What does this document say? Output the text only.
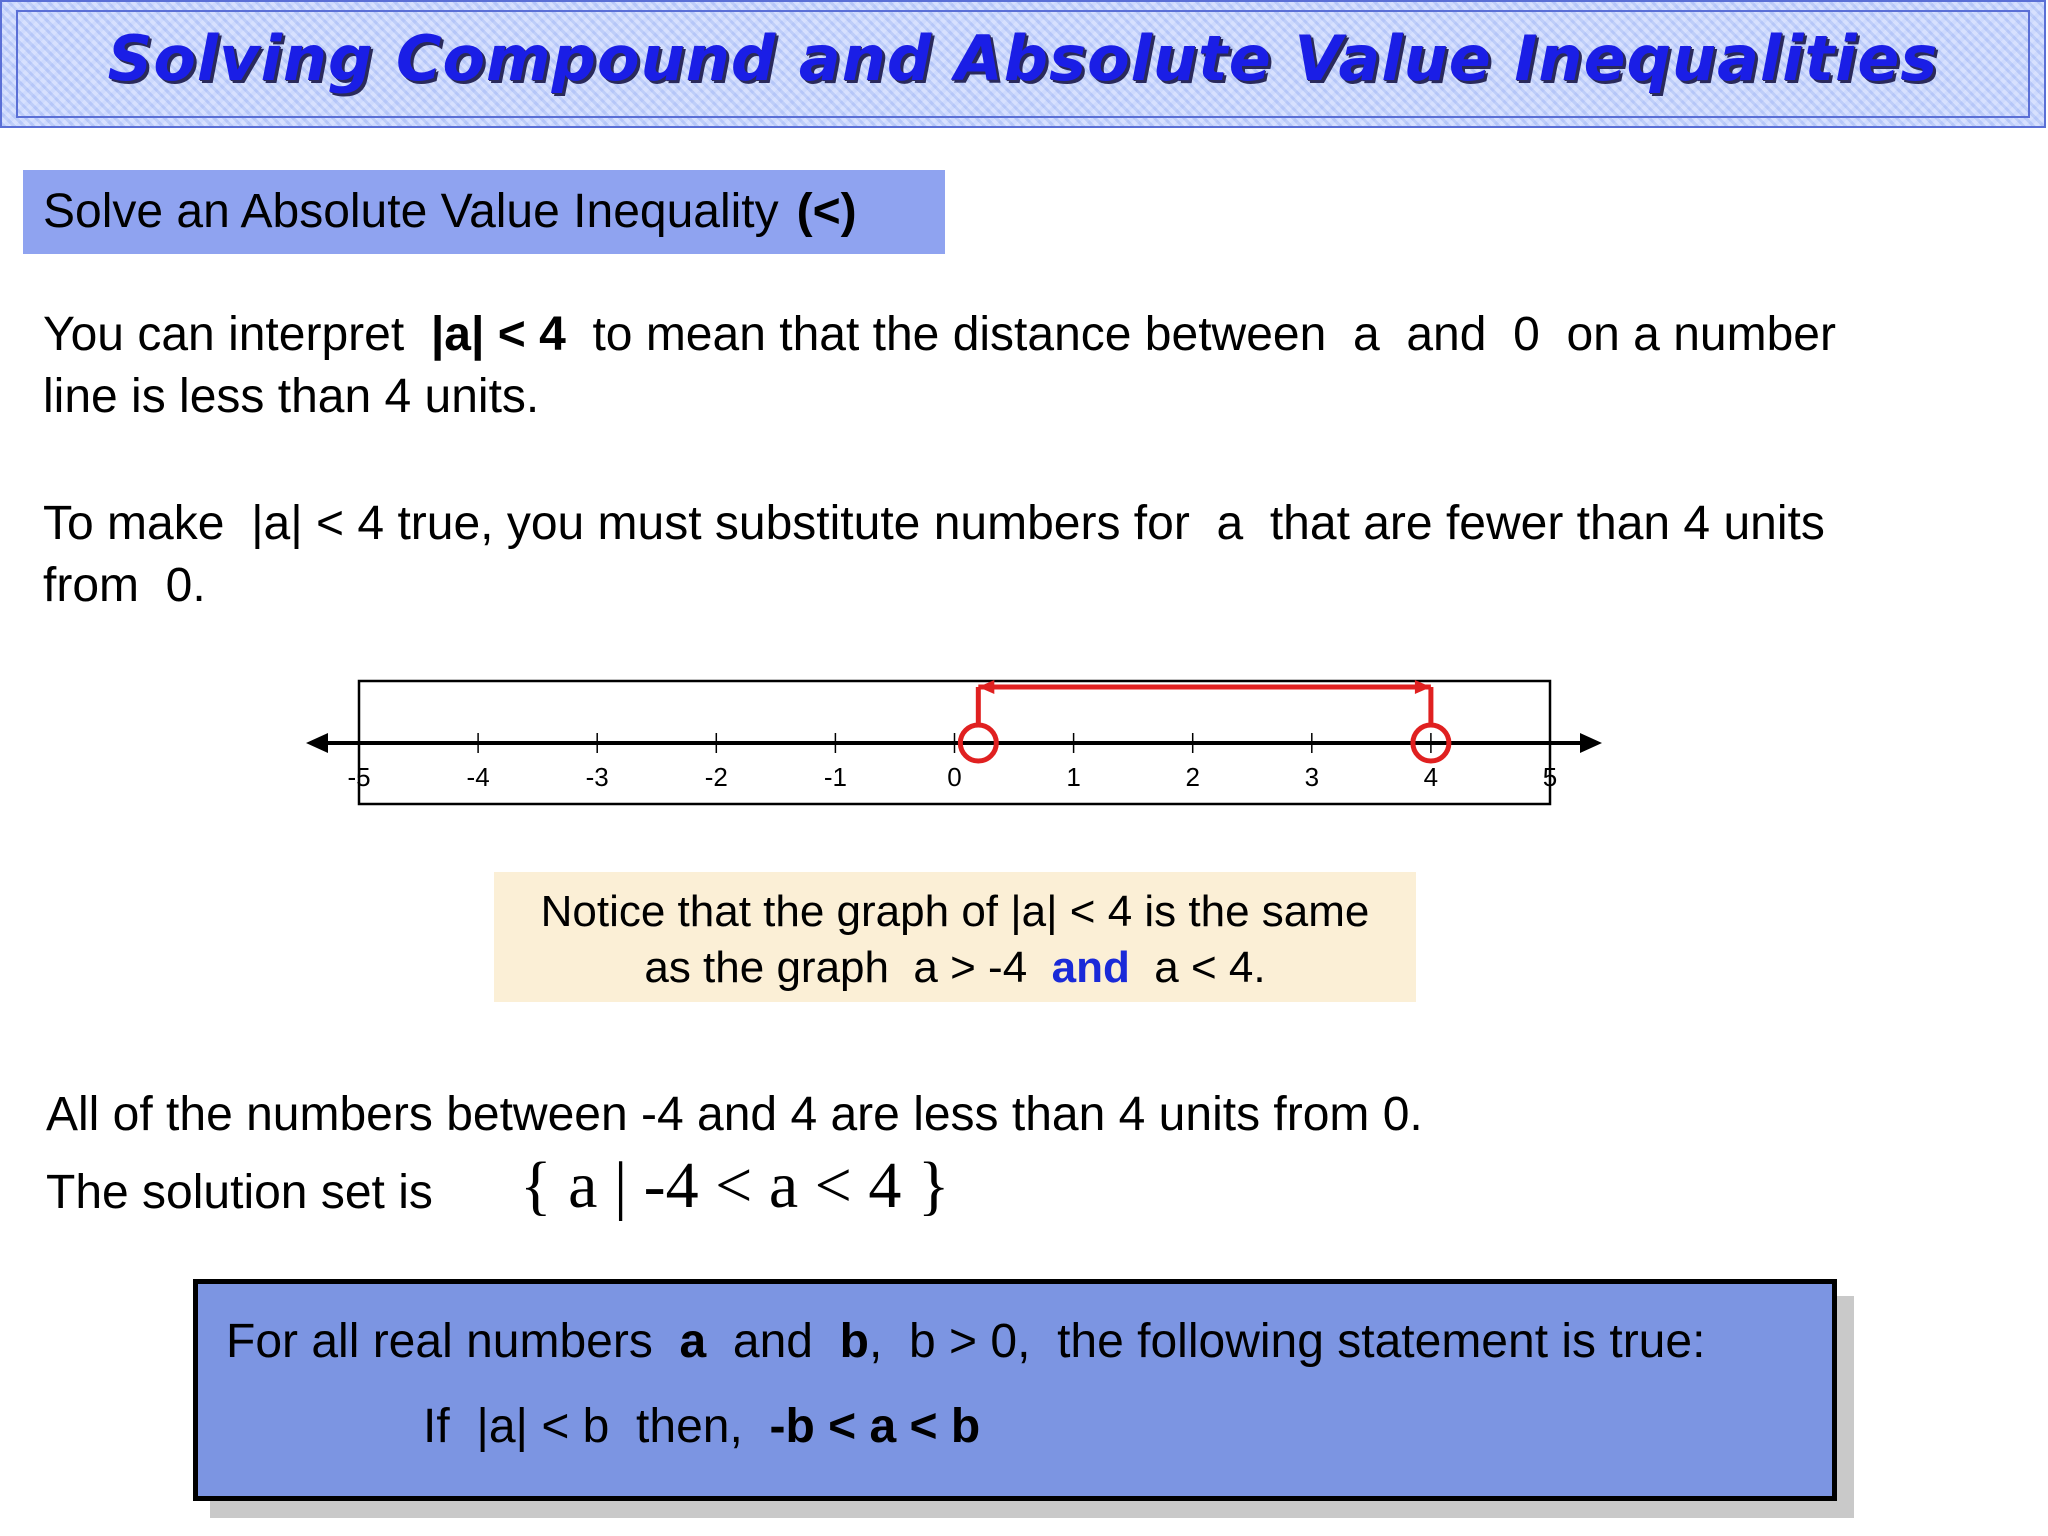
Solving Compound and Absolute Value Inequalities
Solve an Absolute Value Inequality (<)
You can interpret  |a| < 4  to mean that the distance between  a  and  0  on a number
line is less than 4 units.
To make  |a| < 4 true, you must substitute numbers for  a  that are fewer than 4 units
from  0.
-5	-4	-3	-2	-1	0	1	2	3	4	5
Notice that the graph of |a| < 4 is the same
as the graph  a > -4  and  a < 4.
All of the numbers between -4 and 4 are less than 4 units from 0.
The solution set is { a | -4 < a < 4 }
For all real numbers  a  and  b,  b > 0,  the following statement is true:
If  |a| < b  then,  -b < a < b
